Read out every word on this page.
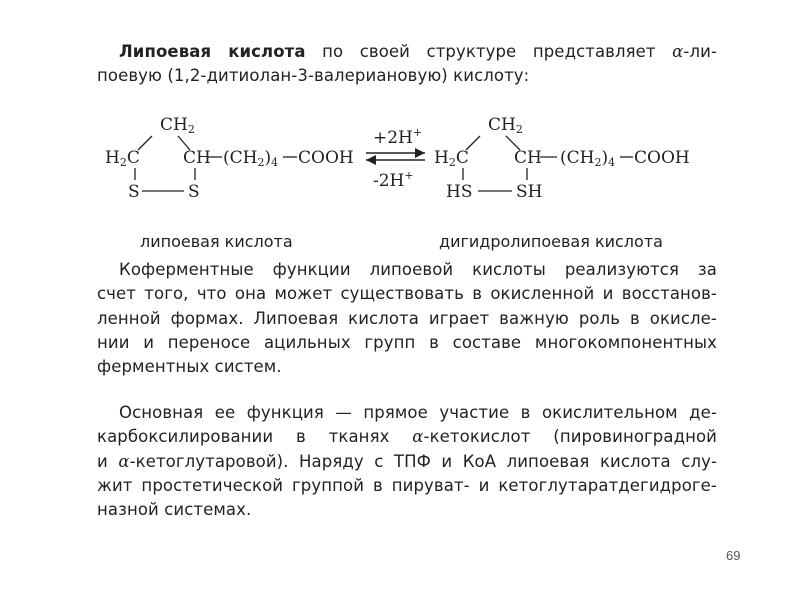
Липоевая кислота по своей структуре представляет α-ли-
поевую (1,2-дитиолан-3-валериановую) кислоту:
CH2
H2C	CH (CH2)4 COOH
S	S
+2H+
-2H+
CH2
H2C	CH (CH2)4 COOH
HS	SH
липоевая кислота	дигидролипоевая кислота
Коферментные функции липоевой кислоты реализуются за
счет того, что она может существовать в окисленной и восстанов-
ленной формах. Липоевая кислота играет важную роль в окисле-
нии и переносе ацильных групп в составе многокомпонентных
ферментных систем.
Основная ее функция — прямое участие в окислительном де-
карбоксилировании в тканях α-кетокислот (пировиноградной
и α-кетоглутаровой). Наряду с ТПФ и КоА липоевая кислота слу-
жит простетической группой в пируват- и кетоглутаратдегидроге-
назной системах.
69
